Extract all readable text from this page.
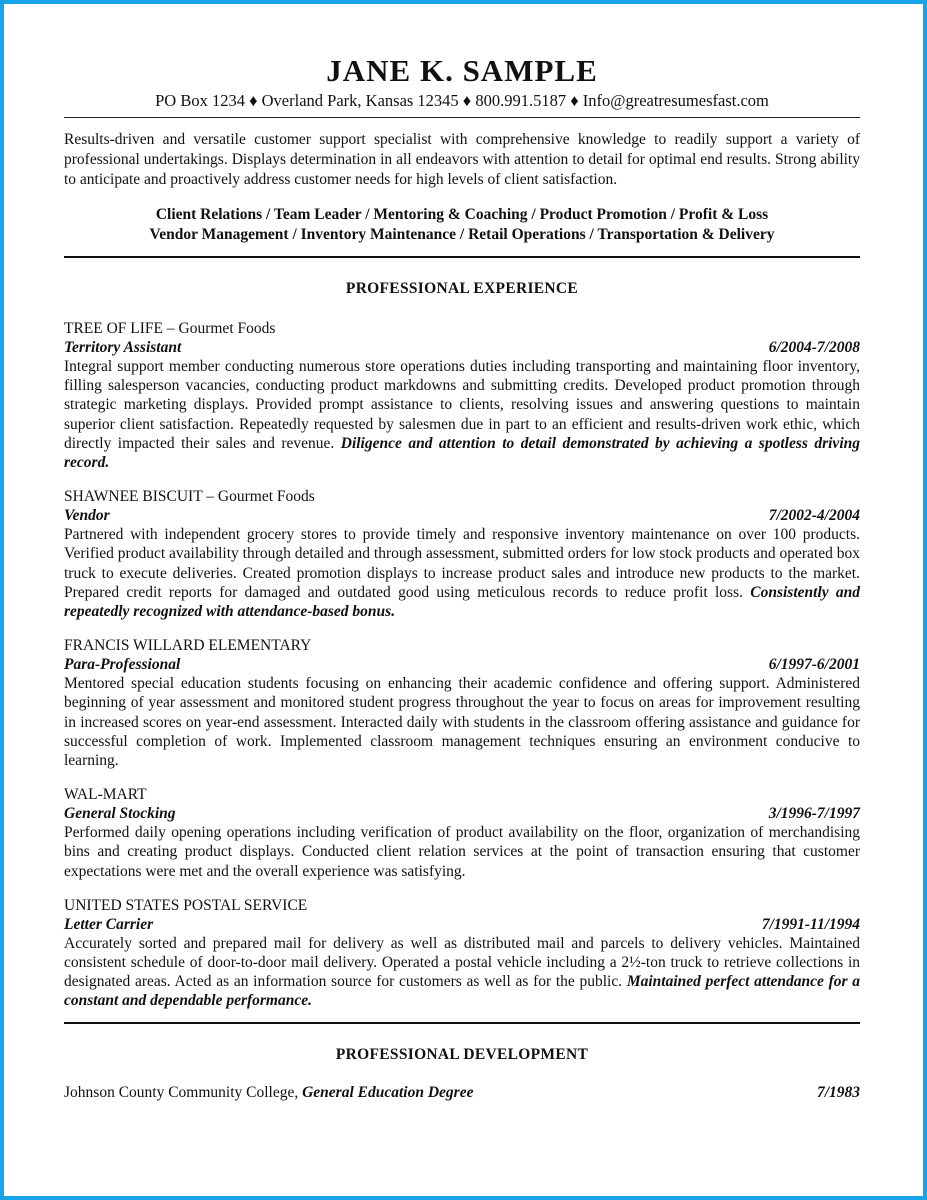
JANE K. SAMPLE
PO Box 1234 ♦ Overland Park, Kansas 12345 ♦ 800.991.5187 ♦ Info@greatresumesfast.com
Results-driven and versatile customer support specialist with comprehensive knowledge to readily support a variety of professional undertakings. Displays determination in all endeavors with attention to detail for optimal end results. Strong ability to anticipate and proactively address customer needs for high levels of client satisfaction.
Client Relations / Team Leader / Mentoring & Coaching / Product Promotion / Profit & Loss
Vendor Management / Inventory Maintenance / Retail Operations / Transportation & Delivery
PROFESSIONAL EXPERIENCE
TREE OF LIFE – Gourmet Foods
Territory Assistant	6/2004-7/2008
Integral support member conducting numerous store operations duties including transporting and maintaining floor inventory, filling salesperson vacancies, conducting product markdowns and submitting credits. Developed product promotion through strategic marketing displays. Provided prompt assistance to clients, resolving issues and answering questions to maintain superior client satisfaction. Repeatedly requested by salesmen due in part to an efficient and results-driven work ethic, which directly impacted their sales and revenue. Diligence and attention to detail demonstrated by achieving a spotless driving record.
SHAWNEE BISCUIT – Gourmet Foods
Vendor	7/2002-4/2004
Partnered with independent grocery stores to provide timely and responsive inventory maintenance on over 100 products. Verified product availability through detailed and through assessment, submitted orders for low stock products and operated box truck to execute deliveries. Created promotion displays to increase product sales and introduce new products to the market. Prepared credit reports for damaged and outdated good using meticulous records to reduce profit loss. Consistently and repeatedly recognized with attendance-based bonus.
FRANCIS WILLARD ELEMENTARY
Para-Professional	6/1997-6/2001
Mentored special education students focusing on enhancing their academic confidence and offering support. Administered beginning of year assessment and monitored student progress throughout the year to focus on areas for improvement resulting in increased scores on year-end assessment. Interacted daily with students in the classroom offering assistance and guidance for successful completion of work. Implemented classroom management techniques ensuring an environment conducive to learning.
WAL-MART
General Stocking	3/1996-7/1997
Performed daily opening operations including verification of product availability on the floor, organization of merchandising bins and creating product displays. Conducted client relation services at the point of transaction ensuring that customer expectations were met and the overall experience was satisfying.
UNITED STATES POSTAL SERVICE
Letter Carrier	7/1991-11/1994
Accurately sorted and prepared mail for delivery as well as distributed mail and parcels to delivery vehicles. Maintained consistent schedule of door-to-door mail delivery. Operated a postal vehicle including a 2½-ton truck to retrieve collections in designated areas. Acted as an information source for customers as well as for the public. Maintained perfect attendance for a constant and dependable performance.
PROFESSIONAL DEVELOPMENT
Johnson County Community College, General Education Degree	7/1983
